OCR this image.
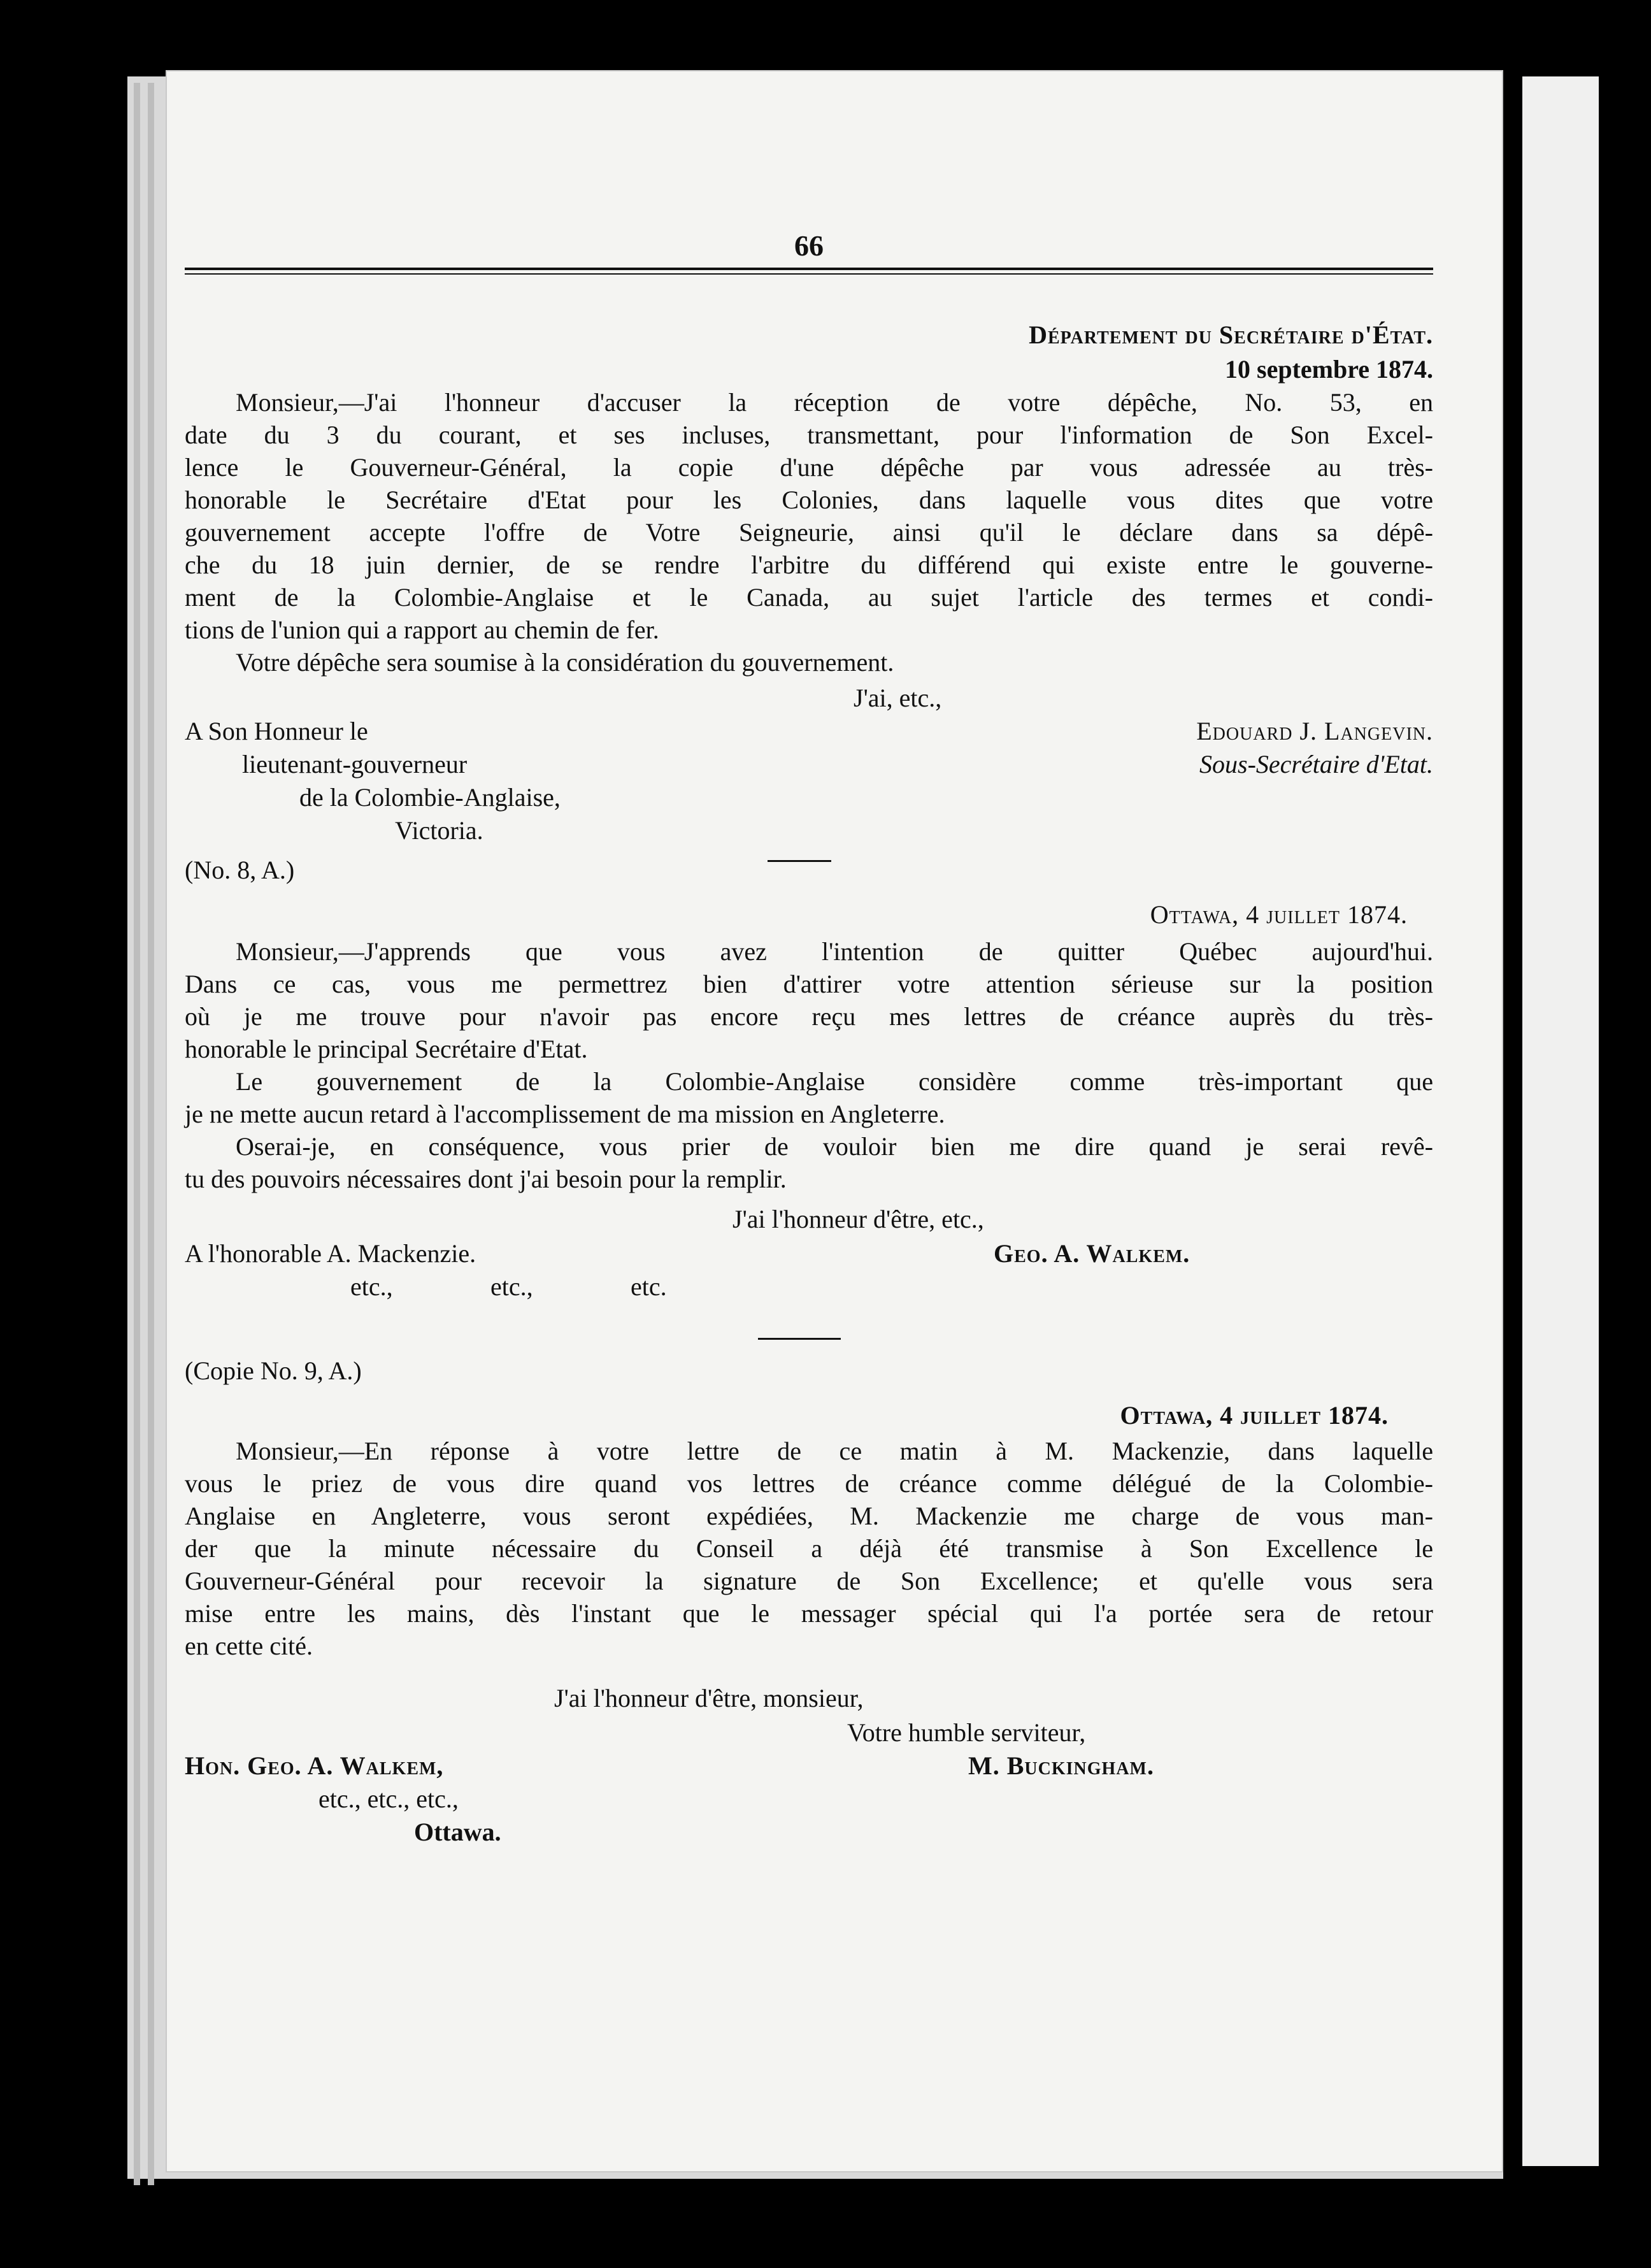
66
Département du Secrétaire d'État.
10 septembre 1874.

Monsieur,—J'ai l'honneur d'accuser la réception de votre dépêche, No. 53, en

date du 3 du courant, et ses incluses, transmettant, pour l'information de Son Excel-

lence le Gouverneur-Général, la copie d'une dépêche par vous adressée au très-

honorable le Secrétaire d'Etat pour les Colonies, dans laquelle vous dites que votre

gouvernement accepte l'offre de Votre Seigneurie, ainsi qu'il le déclare dans sa dépê-

che du 18 juin dernier, de se rendre l'arbitre du différend qui existe entre le gouverne-

ment de la Colombie-Anglaise et le Canada, au sujet l'article des termes et condi-

tions de l'union qui a rapport au chemin de fer.

Votre dépêche sera soumise à la considération du gouvernement.

J'ai, etc.,
A Son Honneur le	Edouard J. Langevin.
lieutenant-gouverneur	Sous-Secrétaire d'Etat.
de la Colombie-Anglaise,
Victoria.
(No. 8, A.)
Ottawa, 4 juillet 1874.

Monsieur,—J'apprends que vous avez l'intention de quitter Québec aujourd'hui.

Dans ce cas, vous me permettrez bien d'attirer votre attention sérieuse sur la position

où je me trouve pour n'avoir pas encore reçu mes lettres de créance auprès du très-

honorable le principal Secrétaire d'Etat.

Le gouvernement de la Colombie-Anglaise considère comme très-important que

je ne mette aucun retard à l'accomplissement de ma mission en Angleterre.

Oserai-je, en conséquence, vous prier de vouloir bien me dire quand je serai revê-

tu des pouvoirs nécessaires dont j'ai besoin pour la remplir.

J'ai l'honneur d'être, etc.,
A l'honorable A. Mackenzie.	Geo. A. Walkem.
etc.,	etc.,	etc.
(Copie No. 9, A.)
Ottawa, 4 juillet 1874.

Monsieur,—En réponse à votre lettre de ce matin à M. Mackenzie, dans laquelle

vous le priez de vous dire quand vos lettres de créance comme délégué de la Colombie-

Anglaise en Angleterre, vous seront expédiées, M. Mackenzie me charge de vous man-

der que la minute nécessaire du Conseil a déjà été transmise à Son Excellence le

Gouverneur-Général pour recevoir la signature de Son Excellence; et qu'elle vous sera

mise entre les mains, dès l'instant que le messager spécial qui l'a portée sera de retour

en cette cité.

J'ai l'honneur d'être, monsieur,
Votre humble serviteur,
Hon. Geo. A. Walkem,	M. Buckingham.
etc., etc., etc.,
Ottawa.
